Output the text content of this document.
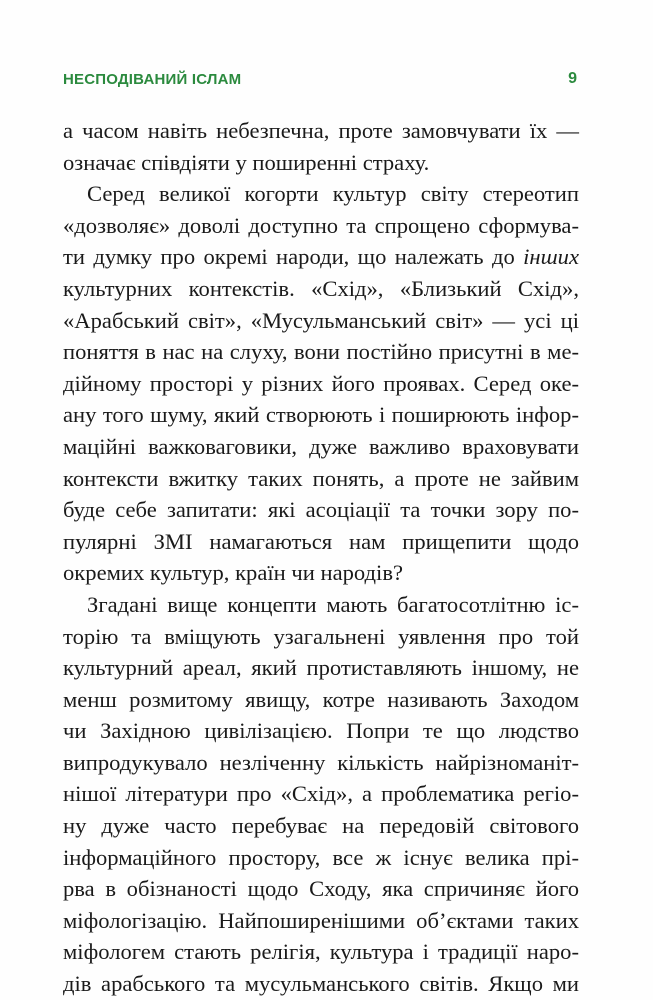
НЕСПОДІВАНИЙ ІСЛАМ	9
а часом навіть небезпечна, проте замовчувати їх —
означає співдіяти у поширенні страху.
Серед великої когорти культур світу стереотип
«дозволяє» доволі доступно та спрощено сформува-
ти думку про окремі народи, що належать до інших
культурних контекстів. «Схід», «Близький Схід»,
«Арабський світ», «Мусульманський світ» — усі ці
поняття в нас на слуху, вони постійно присутні в ме-
дійному просторі у різних його проявах. Серед оке-
ану того шуму, який створюють і поширюють інфор-
маційні важковаговики, дуже важливо враховувати
контексти вжитку таких понять, а проте не зайвим
буде себе запитати: які асоціації та точки зору по-
пулярні ЗМІ намагаються нам прищепити щодо
окремих культур, країн чи народів?
Згадані вище концепти мають багатосотлітню іс-
торію та вміщують узагальнені уявлення про той
культурний ареал, який протиставляють іншому, не
менш розмитому явищу, котре називають Заходом
чи Західною цивілізацією. Попри те що людство
випродукувало незліченну кількість найрізноманіт-
нішої літератури про «Схід», а проблематика регіо-
ну дуже часто перебуває на передовій світового
інформаційного простору, все ж існує велика прі-
рва в обізнаності щодо Сходу, яка спричиняє його
міфологізацію. Найпоширенішими об’єктами таких
міфологем стають релігія, культура і традиції наро-
дів арабського та мусульманського світів. Якщо ми
